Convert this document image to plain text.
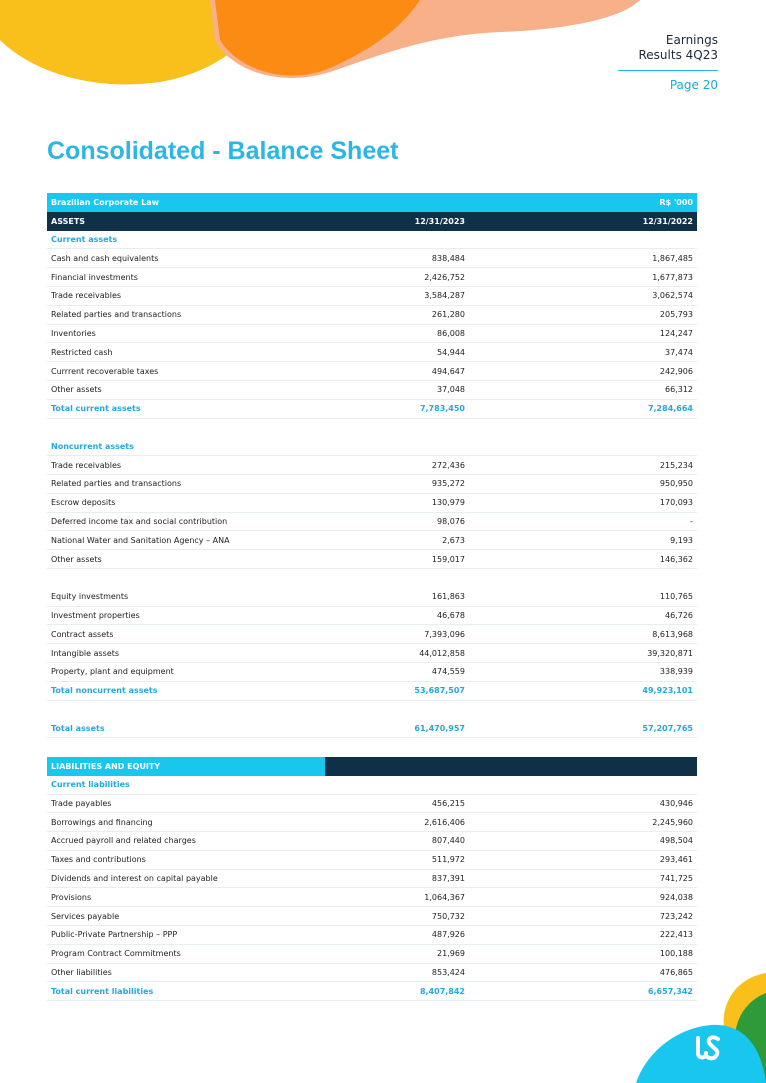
Earnings
Results 4Q23
Page 20
Consolidated - Balance Sheet
Brazilian Corporate Law	R$ '000
ASSETS	12/31/2023	12/31/2022
Current assets
Cash and cash equivalents	838,484	1,867,485
Financial investments	2,426,752	1,677,873
Trade receivables	3,584,287	3,062,574
Related parties and transactions	261,280	205,793
Inventories	86,008	124,247
Restricted cash	54,944	37,474
Currrent recoverable taxes	494,647	242,906
Other assets	37,048	66,312
Total current assets	7,783,450	7,284,664
Noncurrent assets
Trade receivables	272,436	215,234
Related parties and transactions	935,272	950,950
Escrow deposits	130,979	170,093
Deferred income tax and social contribution	98,076	-
National Water and Sanitation Agency – ANA	2,673	9,193
Other assets	159,017	146,362
Equity investments	161,863	110,765
Investment properties	46,678	46,726
Contract assets	7,393,096	8,613,968
Intangible assets	44,012,858	39,320,871
Property, plant and equipment	474,559	338,939
Total noncurrent assets	53,687,507	49,923,101
Total assets	61,470,957	57,207,765
LIABILITIES AND EQUITY
Current liabilities
Trade payables	456,215	430,946
Borrowings and financing	2,616,406	2,245,960
Accrued payroll and related charges	807,440	498,504
Taxes and contributions	511,972	293,461
Dividends and interest on capital payable	837,391	741,725
Provisions	1,064,367	924,038
Services payable	750,732	723,242
Public-Private Partnership – PPP	487,926	222,413
Program Contract Commitments	21,969	100,188
Other liabilities	853,424	476,865
Total current liabilities	8,407,842	6,657,342
